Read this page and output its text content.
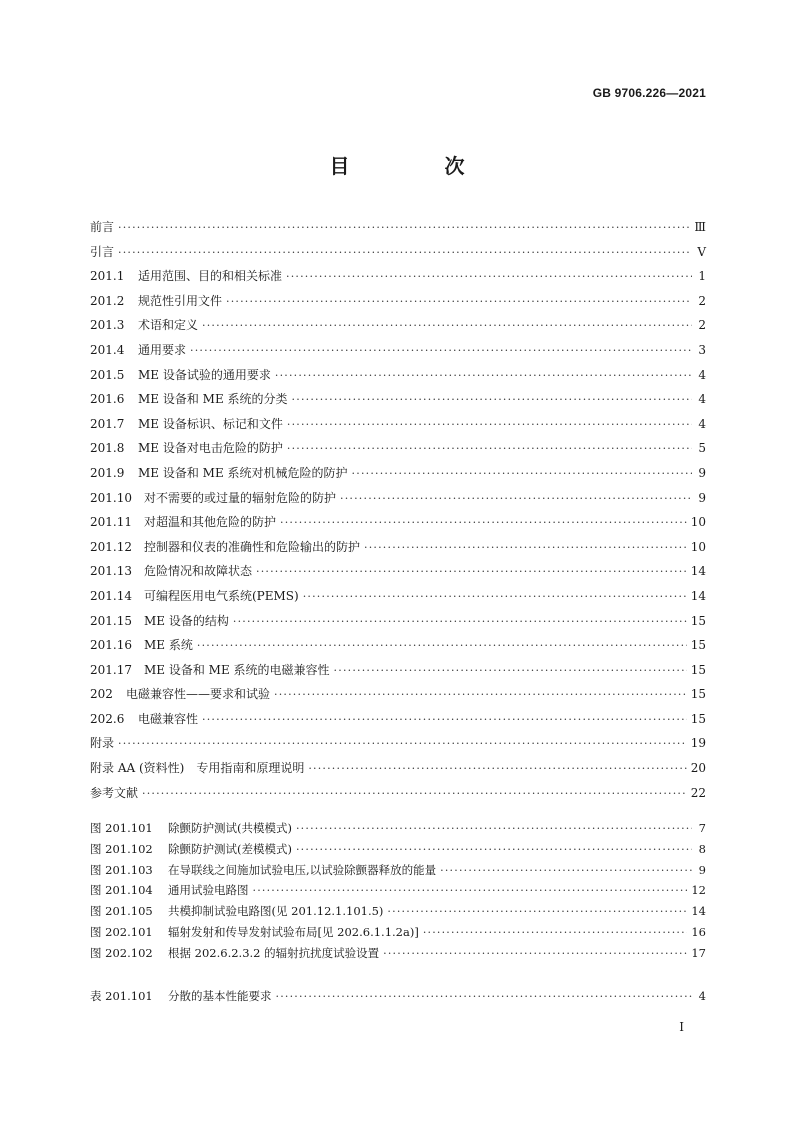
GB 9706.226—2021
目 次
前言 ·····	Ⅲ
引言 ·····	Ⅴ
201.1	适用范围、目的和相关标准 ·····	1
201.2	规范性引用文件 ·····	2
201.3	术语和定义 ·····	2
201.4	通用要求 ·····	3
201.5	ME 设备试验的通用要求 ·····	4
201.6	ME 设备和 ME 系统的分类 ·····	4
201.7	ME 设备标识、标记和文件 ·····	4
201.8	ME 设备对电击危险的防护 ·····	5
201.9	ME 设备和 ME 系统对机械危险的防护 ·····	9
201.10	对不需要的或过量的辐射危险的防护 ·····	9
201.11	对超温和其他危险的防护 ·····	10
201.12	控制器和仪表的准确性和危险输出的防护 ·····	10
201.13	危险情况和故障状态 ·····	14
201.14	可编程医用电气系统(PEMS) ·····	14
201.15	ME 设备的结构 ·····	15
201.16	ME 系统 ·····	15
201.17	ME 设备和 ME 系统的电磁兼容性 ·····	15
202	电磁兼容性——要求和试验 ·····	15
202.6	电磁兼容性 ·····	15
附录 ·····	19
附录 AA (资料性)　专用指南和原理说明 ·····	20
参考文献 ·····	22
图 201.101	除颤防护测试(共模模式) ·····	7
图 201.102	除颤防护测试(差模模式) ·····	8
图 201.103	在导联线之间施加试验电压,以试验除颤器释放的能量 ·····	9
图 201.104	通用试验电路图 ·····	12
图 201.105	共模抑制试验电路图(见 201.12.1.101.5) ·····	14
图 202.101	辐射发射和传导发射试验布局[见 202.6.1.1.2a)] ·····	16
图 202.102	根据 202.6.2.3.2 的辐射抗扰度试验设置 ·····	17
表 201.101	分散的基本性能要求 ·····	4
I
